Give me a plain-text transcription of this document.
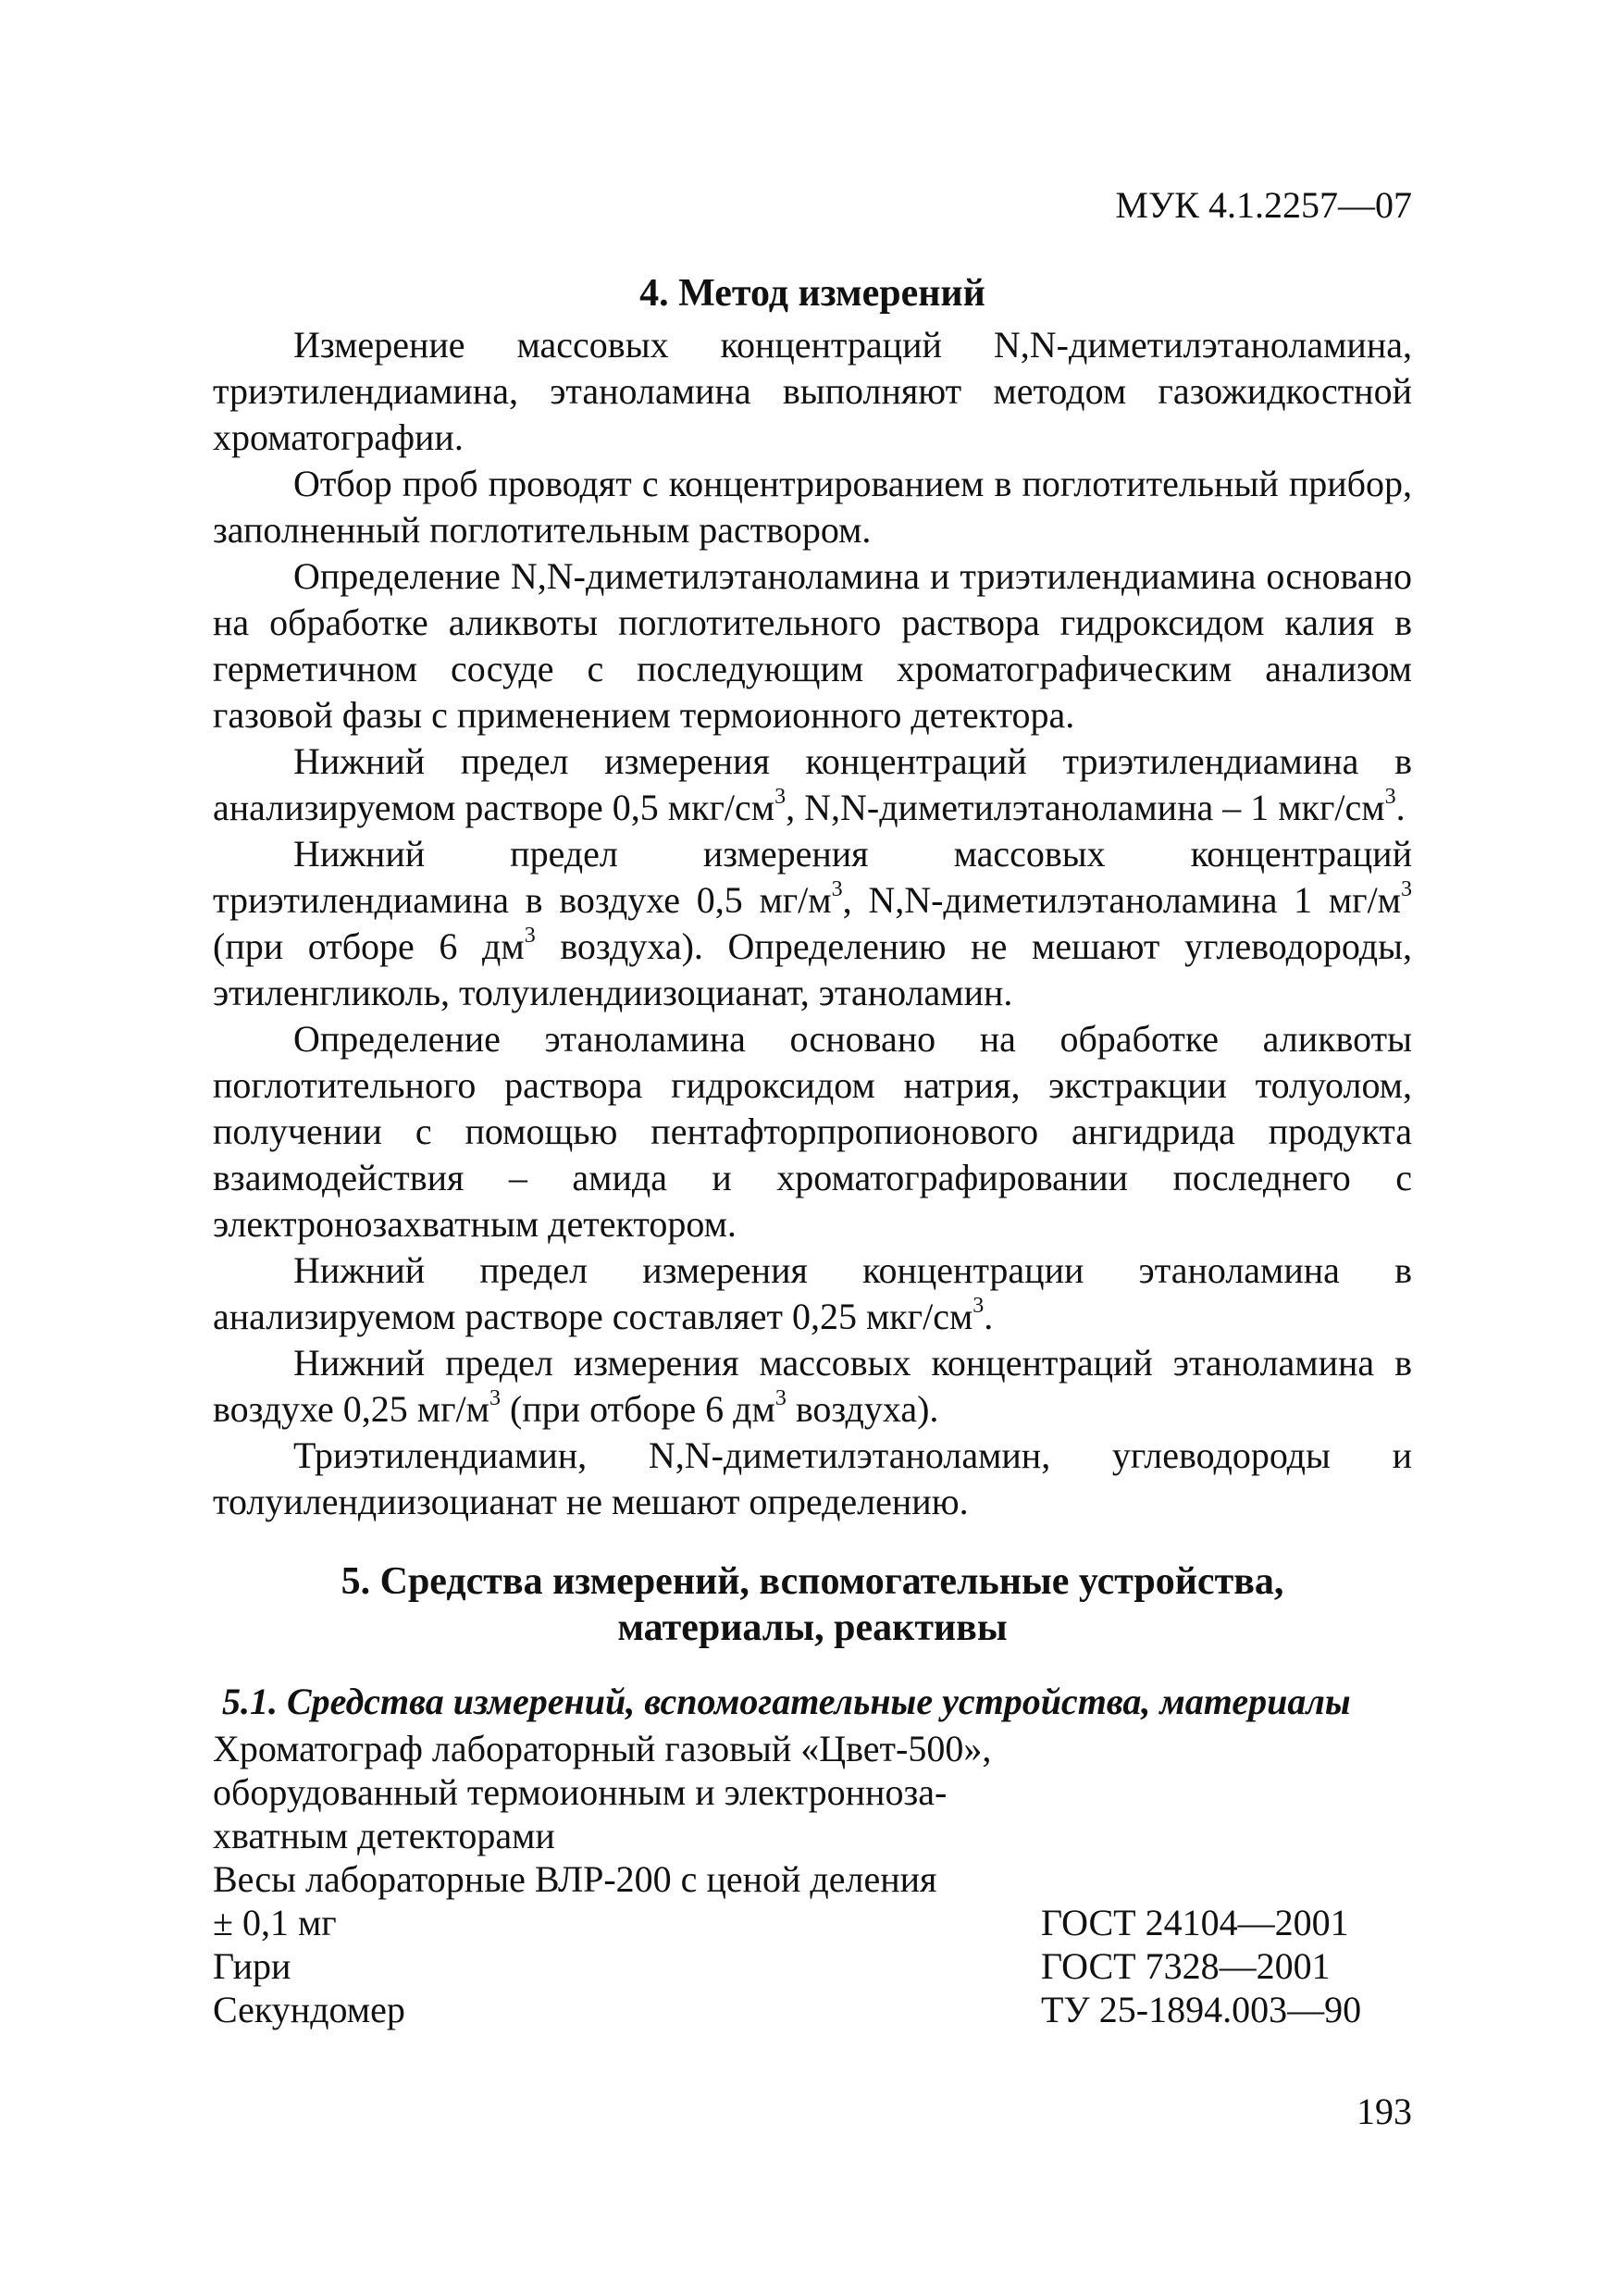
МУК 4.1.2257—07

4. Метод измерений

Измерение массовых концентраций N,N-диметилэтаноламина, триэтилендиамина, этаноламина выполняют методом газожидкостной хроматографии.

Отбор проб проводят с концентрированием в поглотительный прибор, заполненный поглотительным раствором.

Определение N,N-диметилэтаноламина и триэтилендиамина основано на обработке аликвоты поглотительного раствора гидроксидом калия в герметичном сосуде с последующим хроматографическим анализом газовой фазы с применением термоионного детектора.

Нижний предел измерения концентраций триэтилендиамина в анализируемом растворе 0,5 мкг/$см^3$, N,N-диметилэтаноламина – 1 мкг/$см^3$.

Нижний предел измерения массовых концентраций триэтилендиамина в воздухе 0,5 $мг/м^3$, N,N-диметилэтаноламина 1 $мг/м^3$ (при отборе 6 $дм^3$ воздуха). Определению не мешают углеводороды, этиленгликоль, толуилендиизоцианат, этаноламин.

Определение этаноламина основано на обработке аликвоты поглотительного раствора гидроксидом натрия, экстракции толуолом, получении с помощью пентафторпропионового ангидрида продукта взаимодействия – амида и хроматографировании последнего с электронозахватным детектором.

Нижний предел измерения концентрации этаноламина в анализируемом растворе составляет 0,25 мкг/$см^3$.

Нижний предел измерения массовых концентраций этаноламина в воздухе 0,25 $мг/м^3$ (при отборе 6 $дм^3$ воздуха).

Триэтилендиамин, N,N-диметилэтаноламин, углеводороды и толуилендиизоцианат не мешают определению.

5. Средства измерений, вспомогательные устройства,
материалы, реактивы
5.1. Средства измерений, вспомогательные устройства, материалы
Хроматограф лабораторный газовый «Цвет-500»,
оборудованный термоионным и электронноза-
хватным детекторами
Весы лабораторные ВЛР-200 с ценой деления
± 0,1 мг	ГОСТ 24104—2001
Гири	ГОСТ 7328—2001
Секундомер	ТУ 25-1894.003—90

193
